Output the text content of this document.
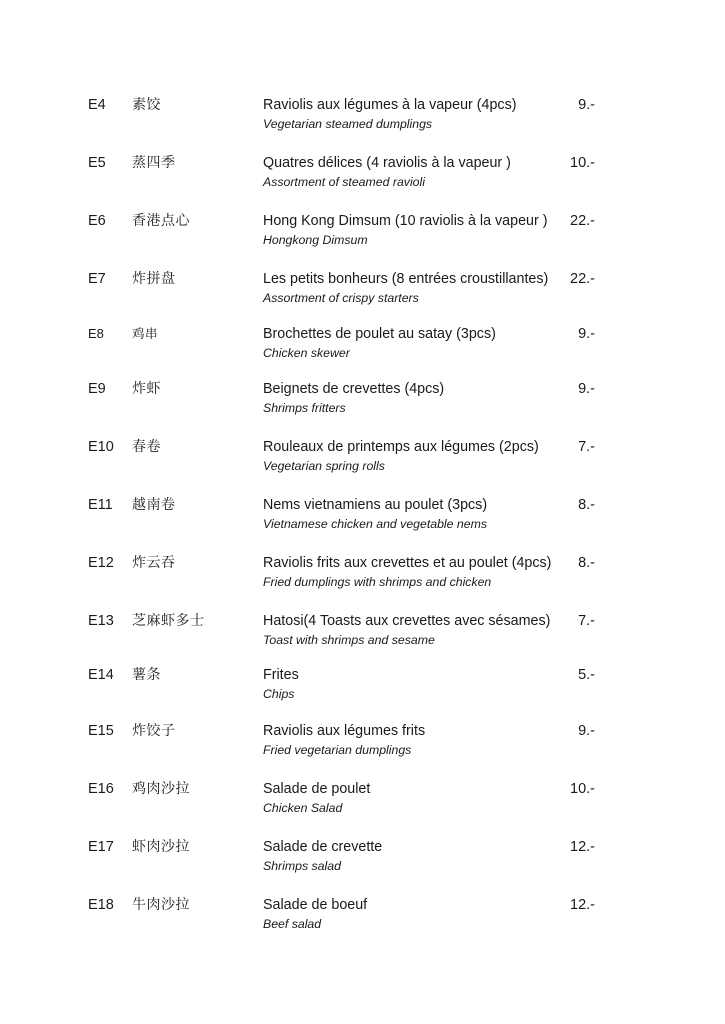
E4 素饺	Raviolis aux légumes à la vapeur (4pcs)
Vegetarian steamed dumplings
9.-
E5 蒸四季	Quatres délices (4 raviolis à la vapeur )
Assortment of steamed ravioli
10.-
E6 香港点心	Hong Kong Dimsum (10 raviolis à la vapeur )
Hongkong Dimsum
22.-
E7 炸拼盘	Les petits bonheurs (8 entrées croustillantes)
Assortment of crispy starters
22.-
E8 鸡串	Brochettes de poulet au satay (3pcs)
Chicken skewer
9.-
E9 炸虾	Beignets de crevettes (4pcs)
Shrimps fritters
9.-
E10 春卷	Rouleaux de printemps aux légumes (2pcs)
Vegetarian spring rolls
7.-
E11 越南卷	Nems vietnamiens au poulet (3pcs)
Vietnamese chicken and vegetable nems
8.-
E12 炸云吞	Raviolis frits aux crevettes et au poulet (4pcs)
Fried dumplings with shrimps and chicken
8.-
E13 芝麻虾多士	Hatosi(4 Toasts aux crevettes avec sésames)
Toast with shrimps and sesame
7.-
E14 薯条	Frites
Chips
5.-
E15 炸饺子	Raviolis aux légumes frits
Fried vegetarian dumplings
9.-
E16 鸡肉沙拉	Salade de poulet
Chicken Salad
10.-
E17 虾肉沙拉	Salade de crevette
Shrimps salad
12.-
E18 牛肉沙拉	Salade de boeuf
Beef salad
12.-
